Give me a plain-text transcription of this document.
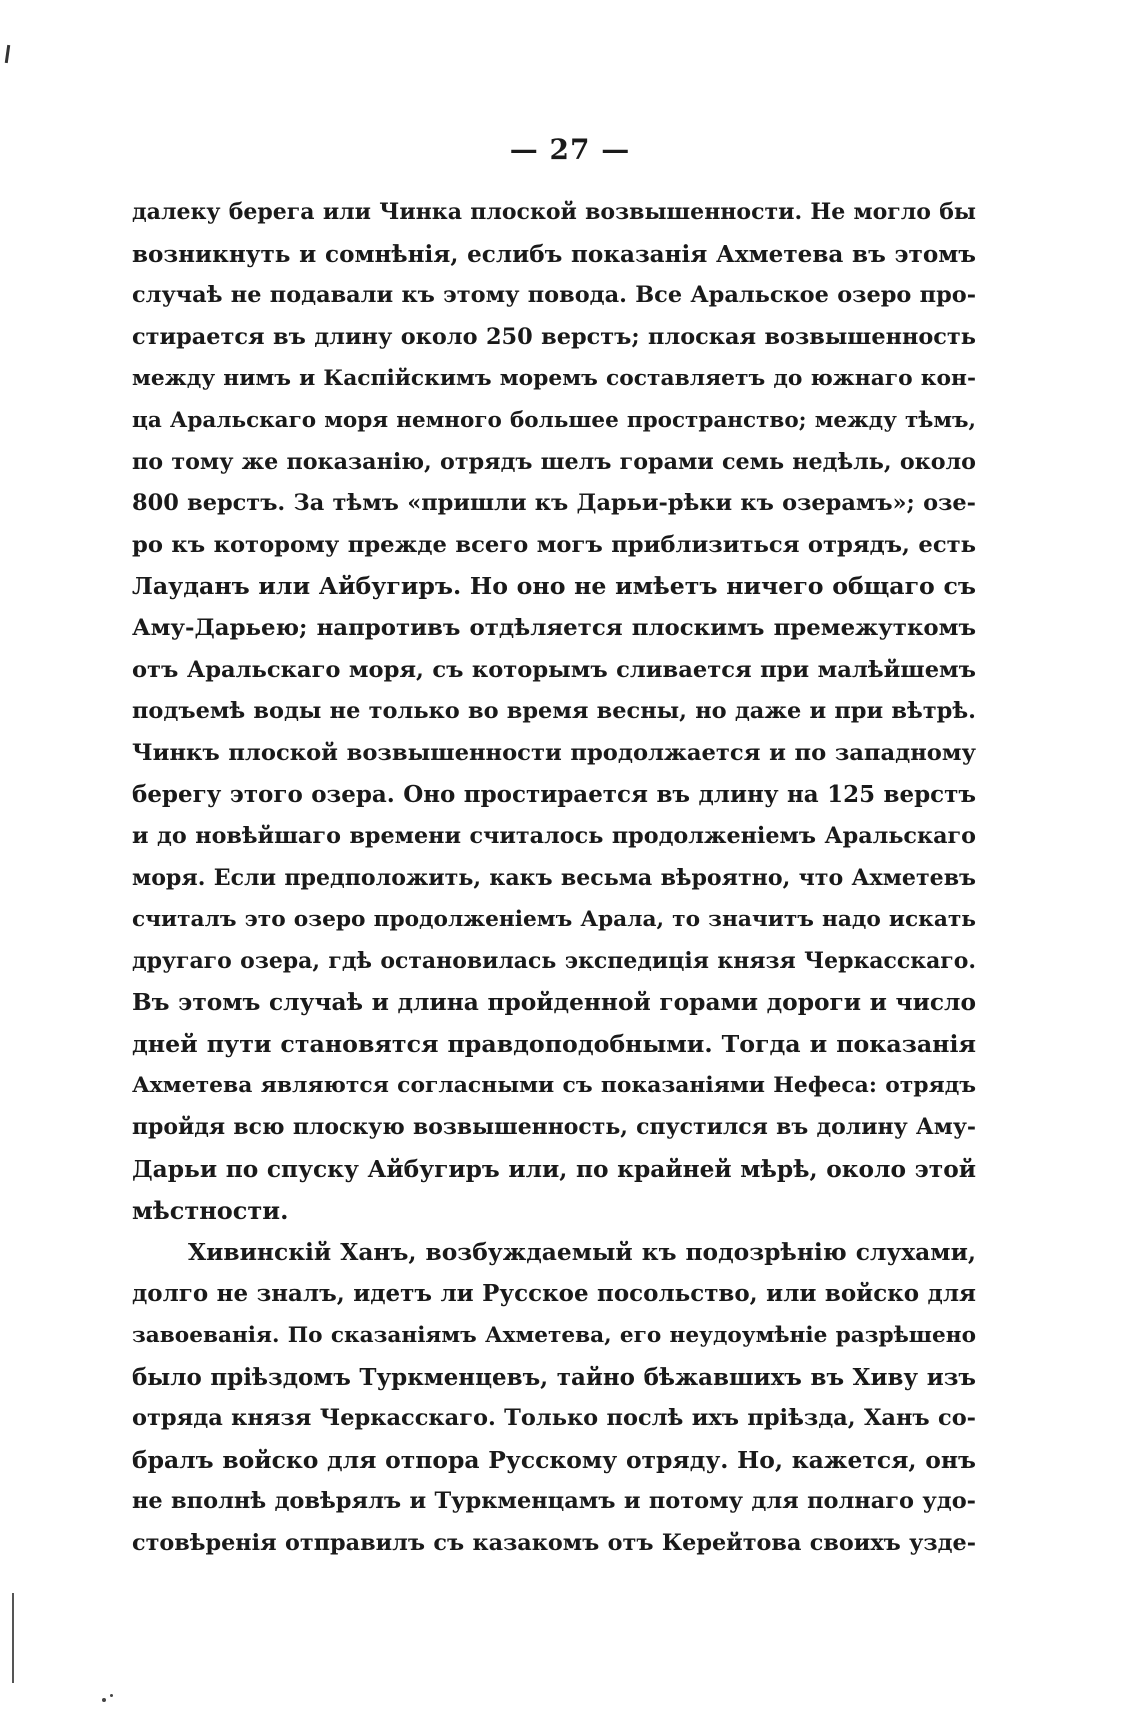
— 27 —
далеку берега или Чинка плоской возвышенности. Не могло бы
возникнуть и сомнѣнія, еслибъ показанія Ахметева въ этомъ
случаѣ не подавали къ этому повода. Все Аральское озеро про-
стирается въ длину около 250 верстъ; плоская возвышенность
между нимъ и Каспійскимъ моремъ составляетъ до южнаго кон-
ца Аральскаго моря немного большее пространство; между тѣмъ,
по тому же показанію, отрядъ шелъ горами семь недѣль, около
800 верстъ. За тѣмъ «пришли къ Дарьи-рѣки къ озерамъ»; озе-
ро къ которому прежде всего могъ приблизиться отрядъ, есть
Лауданъ или Айбугиръ. Но оно не имѣетъ ничего общаго съ
Аму-Дарьею; напротивъ отдѣляется плоскимъ премежуткомъ
отъ Аральскаго моря, съ которымъ сливается при малѣйшемъ
подъемѣ воды не только во время весны, но даже и при вѣтрѣ.
Чинкъ плоской возвышенности продолжается и по западному
берегу этого озера. Оно простирается въ длину на 125 верстъ
и до новѣйшаго времени считалось продолженіемъ Аральскаго
моря. Если предположить, какъ весьма вѣроятно, что Ахметевъ
считалъ это озеро продолженіемъ Арала, то значитъ надо искать
другаго озера, гдѣ остановилась экспедиція князя Черкасскаго.
Въ этомъ случаѣ и длина пройденной горами дороги и число
дней пути становятся правдоподобными. Тогда и показанія
Ахметева являются согласными съ показаніями Нефеса: отрядъ
пройдя всю плоскую возвышенность, спустился въ долину Аму-
Дарьи по спуску Айбугиръ или, по крайней мѣрѣ, около этой
мѣстности.
Хивинскій Ханъ, возбуждаемый къ подозрѣнію слухами,
долго не зналъ, идетъ ли Русское посольство, или войско для
завоеванія. По сказаніямъ Ахметева, его неудоумѣніе разрѣшено
было пріѣздомъ Туркменцевъ, тайно бѣжавшихъ въ Хиву изъ
отряда князя Черкасскаго. Только послѣ ихъ пріѣзда, Ханъ со-
бралъ войско для отпора Русскому отряду. Но, кажется, онъ
не вполнѣ довѣрялъ и Туркменцамъ и потому для полнаго удо-
стовѣренія отправилъ съ казакомъ отъ Керейтова своихъ узде-
